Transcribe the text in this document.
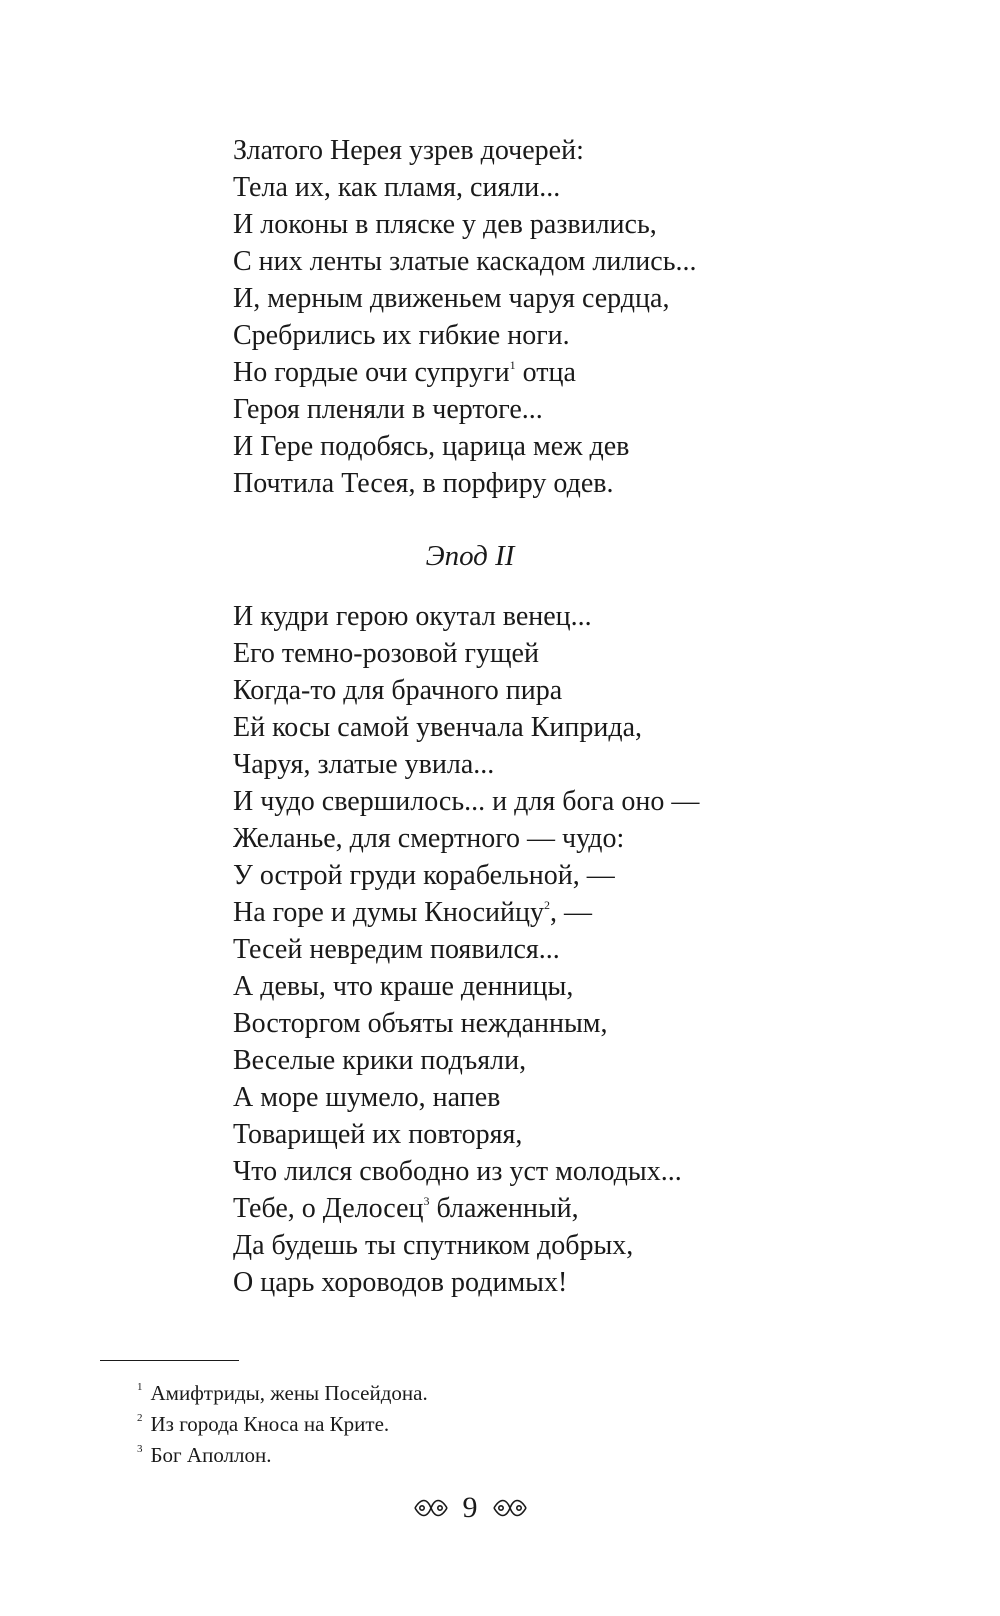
Златого Нерея узрев дочерей:
Тела их, как пламя, сияли...
И локоны в пляске у дев развились,
С них ленты златые каскадом лились...
И, мерным движеньем чаруя сердца,
Сребрились их гибкие ноги.
Но гордые очи супруги$^1$ отца
Героя пленяли в чертоге...
И Гере подобясь, царица меж дев
Почтила Тесея, в порфиру одев.
Эпод II
И кудри герою окутал венец...
Его темно-розовой гущей
Когда-то для брачного пира
Ей косы самой увенчала Киприда,
Чаруя, златые увила...
И чудо свершилось... и для бога оно —
Желанье, для смертного — чудо:
У острой груди корабельной, —
На горе и думы Кносийцу$^2$, —
Тесей невредим появился...
А девы, что краше денницы,
Восторгом объяты нежданным,
Веселые крики подъяли,
А море шумело, напев
Товарищей их повторяя,
Что лился свободно из уст молодых...
Тебе, о Делосец$^3$ блаженный,
Да будешь ты спутником добрых,
О царь хороводов родимых!
$^1$ Амифтриды, жены Посейдона.
$^2$ Из города Кноса на Крите.
$^3$ Бог Аполлон.
9
